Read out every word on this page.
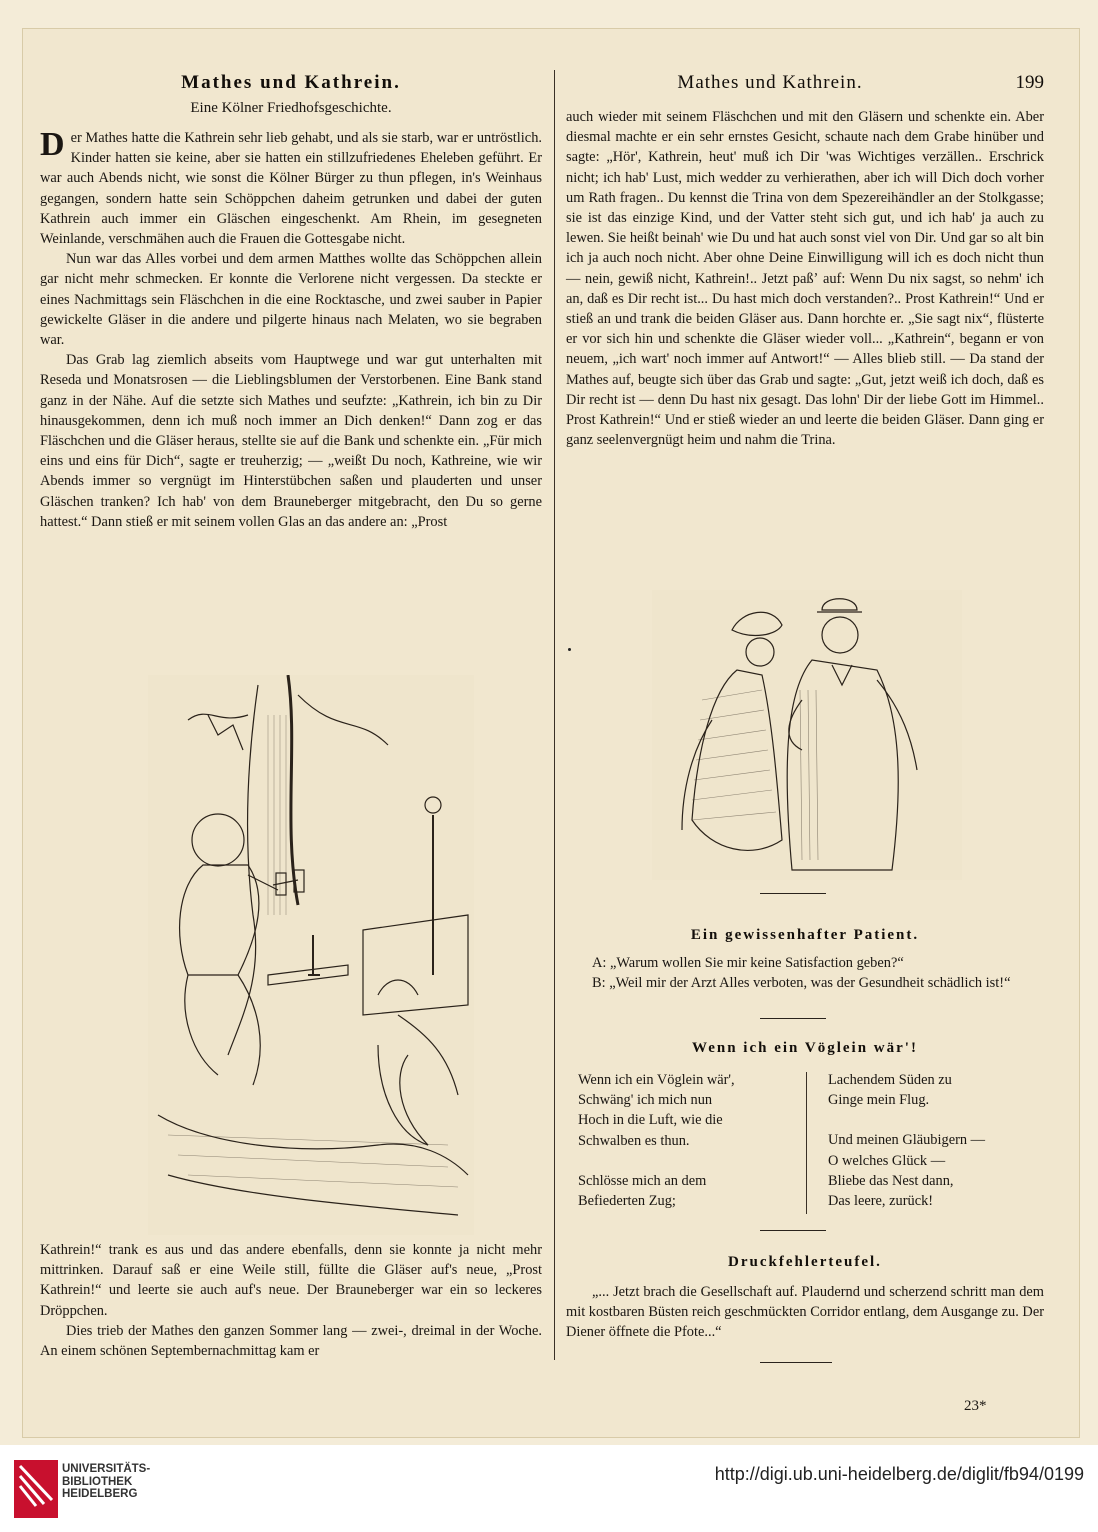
Mathes und Kathrein.
Eine Kölner Friedhofsgeschichte.
Mathes und Kathrein.	199

Der Mathes hatte die Kathrein sehr lieb gehabt, und als sie starb, war er untröstlich. Kinder hatten sie keine, aber sie hatten ein stillzufriedenes Eheleben geführt. Er war auch Abends nicht, wie sonst die Kölner Bürger zu thun pflegen, in's Weinhaus gegangen, sondern hatte sein Schöppchen daheim getrunken und dabei der guten Kathrein auch immer ein Gläschen eingeschenkt. Am Rhein, im gesegneten Weinlande, verschmähen auch die Frauen die Gottesgabe nicht.

Nun war das Alles vorbei und dem armen Matthes wollte das Schöppchen allein gar nicht mehr schmecken. Er konnte die Verlorene nicht vergessen. Da steckte er eines Nachmittags sein Fläschchen in die eine Rocktasche, und zwei sauber in Papier gewickelte Gläser in die andere und pilgerte hinaus nach Melaten, wo sie begraben war.

Das Grab lag ziemlich abseits vom Hauptwege und war gut unterhalten mit Reseda und Monatsrosen — die Lieblingsblumen der Verstorbenen. Eine Bank stand ganz in der Nähe. Auf die setzte sich Mathes und seufzte: „Kathrein, ich bin zu Dir hinausgekommen, denn ich muß noch immer an Dich denken!“ Dann zog er das Fläschchen und die Gläser heraus, stellte sie auf die Bank und schenkte ein. „Für mich eins und eins für Dich“, sagte er treuherzig; — „weißt Du noch, Kathreine, wie wir Abends immer so vergnügt im Hinterstübchen saßen und plauderten und unser Gläschen tranken? Ich hab' von dem Brauneberger mitgebracht, den Du so gerne hattest.“ Dann stieß er mit seinem vollen Glas an das andere an: „Prost

Kathrein!“ trank es aus und das andere ebenfalls, denn sie konnte ja nicht mehr mittrinken. Darauf saß er eine Weile still, füllte die Gläser auf's neue, „Prost Kathrein!“ und leerte sie auch auf's neue. Der Brauneberger war ein so leckeres Dröppchen.

Dies trieb der Mathes den ganzen Sommer lang — zwei-, dreimal in der Woche. An einem schönen Septembernachmittag kam er

auch wieder mit seinem Fläschchen und mit den Gläsern und schenkte ein. Aber diesmal machte er ein sehr ernstes Gesicht, schaute nach dem Grabe hinüber und sagte: „Hör', Kathrein, heut' muß ich Dir 'was Wichtiges verzällen.. Erschrick nicht; ich hab' Lust, mich wedder zu verhierathen, aber ich will Dich doch vorher um Rath fragen.. Du kennst die Trina von dem Spezereihändler an der Stolkgasse; sie ist das einzige Kind, und der Vatter steht sich gut, und ich hab' ja auch zu lewen. Sie heißt beinah' wie Du und hat auch sonst viel von Dir. Und gar so alt bin ich ja auch noch nicht. Aber ohne Deine Einwilligung will ich es doch nicht thun — nein, gewiß nicht, Kathrein!.. Jetzt paßʼ auf: Wenn Du nix sagst, so nehm' ich an, daß es Dir recht ist... Du hast mich doch verstanden?.. Prost Kathrein!“ Und er stieß an und trank die beiden Gläser aus. Dann horchte er. „Sie sagt nix“, flüsterte er vor sich hin und schenkte die Gläser wieder voll... „Kathrein“, begann er von neuem, „ich wart' noch immer auf Antwort!“ — Alles blieb still. — Da stand der Mathes auf, beugte sich über das Grab und sagte: „Gut, jetzt weiß ich doch, daß es Dir recht ist — denn Du hast nix gesagt. Das lohn' Dir der liebe Gott im Himmel.. Prost Kathrein!“ Und er stieß wieder an und leerte die beiden Gläser. Dann ging er ganz seelenvergnügt heim und nahm die Trina.

Ein gewissenhafter Patient.

A: „Warum wollen Sie mir keine Satisfaction geben?“

B: „Weil mir der Arzt Alles verboten, was der Gesundheit schädlich ist!“

Wenn ich ein Vöglein wär'!
Wenn ich ein Vöglein wär',
Schwäng' ich mich nun
Hoch in die Luft, wie die
Schwalben es thun.
Schlösse mich an dem
Befiederten Zug;
Lachendem Süden zu
Ginge mein Flug.
Und meinen Gläubigern —
O welches Glück —
Bliebe das Nest dann,
Das leere, zurück!
Druckfehlerteufel.

„... Jetzt brach die Gesellschaft auf. Plaudernd und scherzend schritt man dem mit kostbaren Büsten reich geschmückten Corridor entlang, dem Ausgange zu. Der Diener öffnete die Pfote...“

23*
UNIVERSITÄTS-
BIBLIOTHEK
HEIDELBERG
http://digi.ub.uni-heidelberg.de/diglit/fb94/0199
